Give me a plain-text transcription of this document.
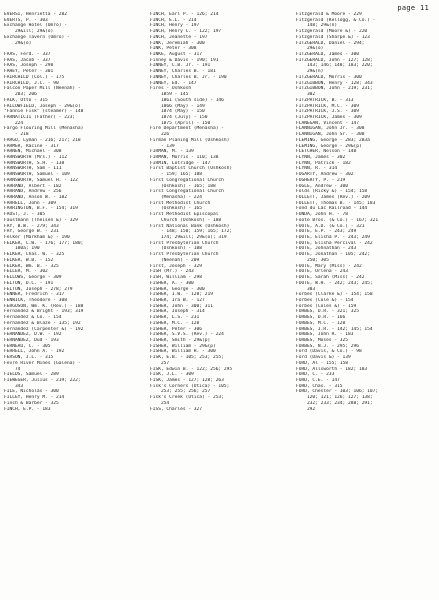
page 11
EVERSI, Henrietta - 282
EVERTS, P. - 303
Exchange Hotel (Omro) -
29&ill; 29&(o)
Exchange Tavern (Omro) -
29&(o)
FAAS, Ferd. - 337
FAAS, Jacob - 337
FAAS, Joseph - 298
FAHEY, Peter - 301
FAIRCHILD (Col.) - 175
FAIRCHILD, J.C. - 90
Falcon Paper Mill (Neenah) -
203; 206
FALK, Otto - 315
FALLOWFIELD, Joseph - 29&(o)
"Fannie Fisk" (steamer) - 148
FARNATICII (Father) - 223;
224
Fargo Flouring Mill (Menasha)
- 218
FARGO, Lyman - 216; 217; 218
FARMER, Racine - 317
FARNEN, Michael - 308
FARNSWORTH (Mrs.) - 112
FARNSWORTH, S.H. - 138
FARNSWORTH, Sam - 111
FARNSWORTH, Samuel - 109
FARNSWORTH, Samuel H. - 122
FARRAND, Albert - 182
FARRAND, Andrew - 256
FARRAND, Anson W. - 182
FARRELL, John - 309
FARRINGTON, B.F. - 154; 319
FAUST, J. - 305
Faustmann (Theisen &) - 329
FAY, B.W. - 279; 343
FAY, George W. - 231
Felker (Markham &) - 190
FELKER, C.W. - 176; 177; 180;
180a; 190
FELKER, Chas. W. - 325
FELKER, W.B. - 152
FELKER, Wm. B. - 325
FELLER, M. - 302
FELLOWS, George - 309
FELTON, D.C. - 191
FELTON, Joseph - 278; 279
FENNER, Fredrich - 317
FENWICK, Theodore - 308
FERGUSON, Wm. K. (Rev.) - 188
Fernandez & Bright - 193; 319
Fernandez & Co. - 154
Fernandez & Blaze - 135; 192
Fernandez (Carpenter &) - 192
FERNANDEZ, D.W. - 192
FERNANDEZ, Dud - 193
FERNEAU, C. - 305
FERRELL, John A. - 192
FERSON, J.L. - 315
Fevre River Mines (Galena) -
74
FIELDS, Samuel - 289
FIEWEGER, Julius - 219; 222;
343
FILE, Nicholas - 300
FILLEY, Henry M. - 214
Finch & Barber - 325
FINCH, E.P. - 183
FINCH, Earl P. - 126; 214
FINCH, E.L. - 214
FINCH, Henry - 197
FINCH, Henry C. - 122; 197
FINCH, Jeanette - 197
FINK, Jeremiah - 300
FINK, Peter - 308
FINKE, August - 317
Finney & Davis - 190; 191
FINNEY, C.B. Jr. - 191
FINNEY, Charles B. - 181
FINNEY, Charles B. Jr. - 190
FINNEY, Ed. - 147
Fires - Oshkosh
1859 - 145
1861 (South side) - 146
1866 (May) - 149
1874 (May) - 150
1874 (July) - 150
1875 (April) - 150
Fire Department (Menasha) -
226
Firman Planing Mill (Oshkosh)
- 139
FIRMAN, M. - 139
FIRMAN, Morris - 110; 138
FIRMIN, Lotridge - 147
First Baptist Church (Oshkosh)
- 159; 165; 188
First Congregational Church
(Oshkosh) - 165; 188
First Congregational Church
(Menasha) - 224
First Methodist Church
(Oshkosh) - 165
First Methodist Episcopal
Church (Oshkosh) - 188
First National Bank (Oshkosh)
- 148; 158; 159; 165; 172;
174; 29&ill; 29&(o); 319
First Presbyterian Church
(Oshkosh) - 188
First Presbyterian Church
(Neenah) - 209
First, Joseph - 329
FISH (Mr.) - 243
FISH, William - 298
FISHER, A. - 300
FISHER, George - 300
FISHER, I.W. - 128; 219
FISHER, Ira W. - 127
FISHER, John - 300; 311
FISHER, Joseph - 314
FISHER, L.S. - 231
FISHER, M.C. - 128
FISHER, Peter - 306
FISHER, S.V.S. (Rev.) - 224
FISHER, Smith - 29&(p)
FISHER, William - 29&(p)
FISHER, William H. - 300
FISK, E.B. - 105; 253; 255;
257
FISK, Edwin B. - 122; 256; 295
FISK, J.L. - 309
FISK, James - 127; 128; 263
Fisk's Corners (Utica) - 105;
253; 255; 256; 257
Fisk's Creek (Utica) - 253;
254
FISS, Charles - 327
Fitzgerald & Moore - 229
Fitzgerald (Kellogg, & Co.) -
148; 29&(n)
Fitzgerald (Moore &) - 220
Fitzgerald (Sharpe &) - 123
FITZGERALD, Daniel - 294;
29&(o)
FITZGERALD, James - 300
FITZGERALD, John - 127; 128;
143; 146; 148; 183; 220;
29&(n)
FITZGERALD, Morris - 300
FITZGIBBON, Henry - 128; 343
FITZGIBBON, John - 219; 231;
302
FITZPATRICK, B. - 313
FITZPATRICK, M.C. - 309
FITZPATRICK, J.S. - 309
FITZPATRICK, James - 309
FLANEGAN, Vincent - 147
FLANNIGAN, John Jr. - 308
FLANNIGAN, John Sr. - 308
FLEMING, George - 283; 283a
FLEMING, George - 29&(p)
FLETCHER, Nelson - 148
FLYNN, James - 302
FLYNN, Patrick - 182
FLYNN, R. - 314
FOGARTY, Andrew - 302
FOGHERTY, P. - 219
FOGLE, Andrew - 300
Folds (Ricky &) - 154; 158
FOLLETT, James (Rev.) - 209
FOLLETT, Thomas B. - 145; 183
Fond du Lac Railroad - 144
FONDA, John H. - 78
Foote Bros. (& Co.) - 167; 321
FOOTE, A.D. (& Co.) - 321
FOOTE, E.P. - 243; 249
FOOTE, Elisha P. - 243; 249
FOOTE, Elisha Percival - 242
FOOTE, Johnathan - 243
FOOTE, Jonathan - 105; 242;
250; 305
FOOTE, Mary (Miss) - 242
FOOTE, Orlena - 243
FOOTE, Sarah (Miss) - 242
FOOTE, W.H. - 242; 243; 245;
303
Forbes (Clarke &) - 154; 158
Forbes (Cole &) - 154
Forbes (Coles &) - 159
FORBES, D.R. - 321; 325
FORBES, D.R. - 166
FORBES, M.C. - 128
FORBES, J.R. - 142; 145; 154
FORBES, John R. - 183
FORBES, Moses - 325
FORBES, N.J. - 295; 296
Ford (Davis, & Co.) - 98
Ford (Davis &) - 139
FORD, Al - 155; 158
FORD, Allsworth - 182; 183
FORD, C. - 233
FORD, C.E. - 147
FORD, Chas. - 315
FORD, Chester - 103; 106; 107;
120; 121; 126; 127; 138;
232; 233; 234; 288; 291;
292
